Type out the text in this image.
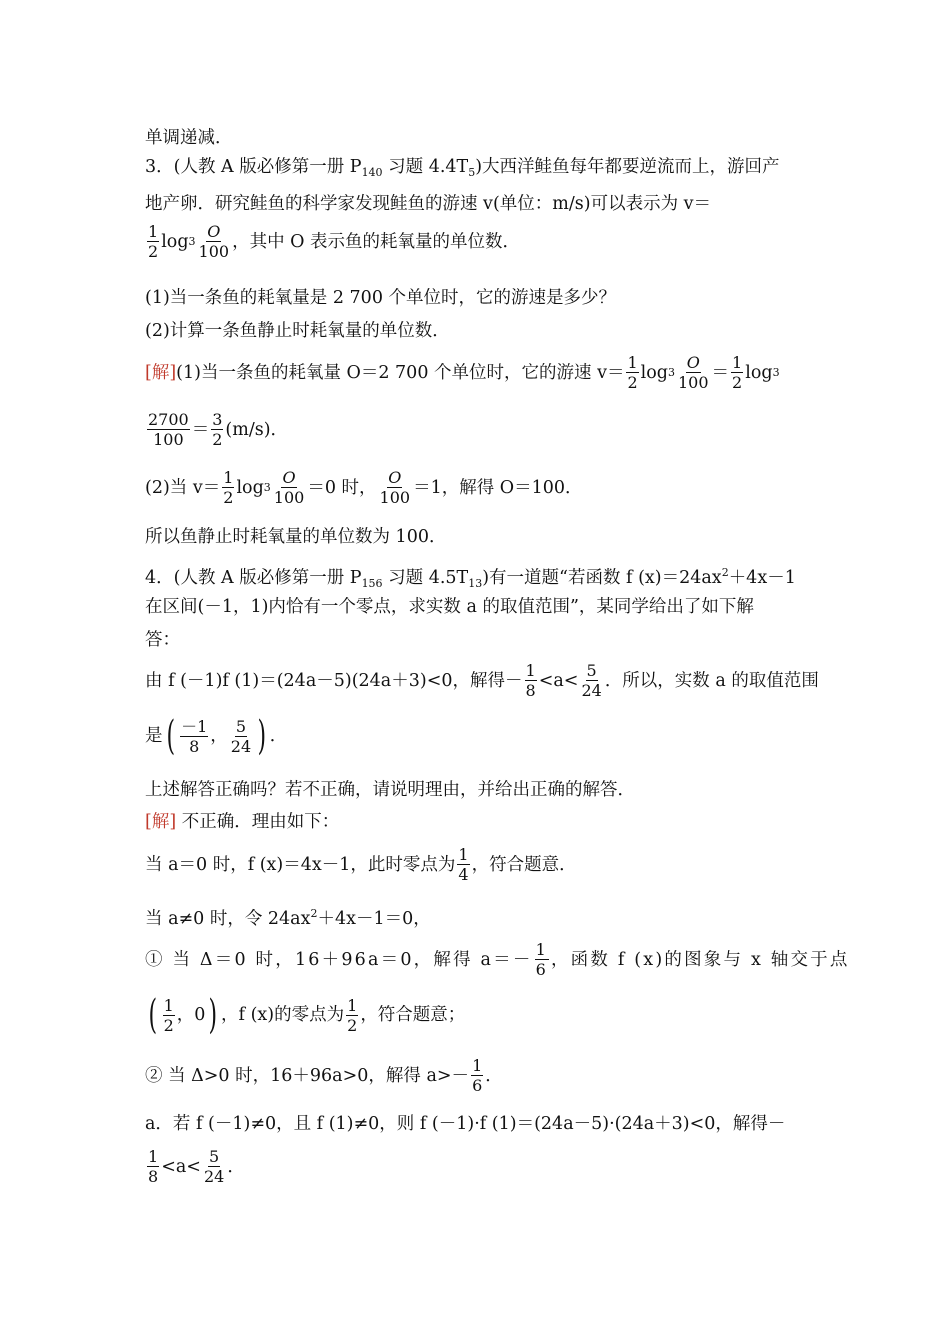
单调递减．
3．(人教 A 版必修第一册 $P_{140}$ 习题 $4.4T_5$)大西洋鲑鱼每年都要逆流而上，游回产
地产卵．研究鲑鱼的科学家发现鲑鱼的游速 v(单位：m/s)可以表示为 v＝
$\frac{1}{2}$ $\log 3 \frac{O}{100}$ ，其中 O 表示鱼的耗氧量的单位数．
(1)当一条鱼的耗氧量是 2 700 个单位时，它的游速是多少？
(2)计算一条鱼静止时耗氧量的单位数．
[解] (1)当一条鱼的耗氧量 O＝2 700 个单位时，它的游速 $v= \frac{1}{2}$ $\log 3 \frac{O}{100} = \frac{1}{2}$ log 3
$\frac{2700}{100} = \frac{3}{2} (m/s)$．
(2)当 $v= \frac{1}{2}$ $\log 3 \frac{O}{100} =0$ 时， $\frac{O}{100} =1$，解得 O＝100．
所以鱼静止时耗氧量的单位数为 100．
4．(人教 A 版必修第一册 $P_{156}$ 习题 $4.5T_{13}$)有一道题“若函数 f $(x)=24ax^2+4x-1$
在区间(－1，1)内恰有一个零点，求实数 a 的取值范围”，某同学给出了如下解
答：
由 f (－1)f (1)＝(24a－5)(24a＋3)<0，解得－ $\frac{1}{8} <a< \frac{5}{24}$ ．所以，实数 a 的取值范围
是 ( $\frac{-1}{8}$ ， $\frac{5}{24}$ ) ．
上述解答正确吗？若不正确，请说明理由，并给出正确的解答．
[解] 不正确．理由如下：
当 a＝0 时，f (x)＝4x－1，此时零点为 $\frac{1}{4}$ ，符合题意．
当 a≠0 时，令 $24ax^2+4x-1=0$，
① 当 Δ＝0 时，16＋96a＝0，解得 $a=- \frac{1}{6}$ ，函数 f (x)的图象与 x 轴交于点
( $\frac{1}{2}$ ， 0 ) ，f (x)的零点为 $\frac{1}{2}$ ，符合题意；
② 当 Δ>0 时，16＋96a>0，解得 $a>- \frac{1}{6}$ ．
a．若 f (－1)≠0，且 f (1)≠0，则 f (－1)·f (1)＝(24a－5)·(24a＋3)<0，解得－
$\frac{1}{8} <a< \frac{5}{24}$ ．
